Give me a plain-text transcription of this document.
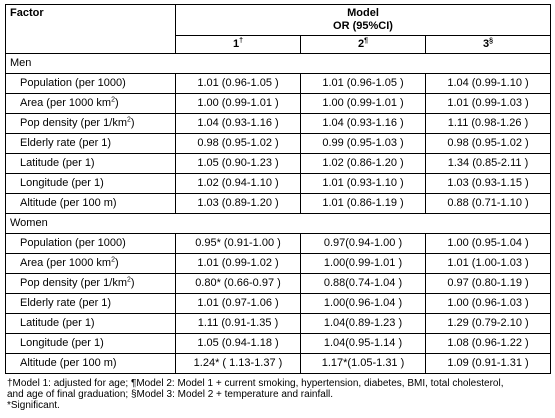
Factor	Model
OR (95%CI)		

	1†	2¶	3§
Men			
Population (per 1000)	1.01 (0.96-1.05 )	1.01 (0.96-1.05 )	1.04 (0.99-1.10 )
Area (per 1000 $km^2$)	1.00 (0.99-1.01 )	1.00 (0.99-1.01 )	1.01 (0.99-1.03 )
Pop density (per $1/km^2$)	1.04 (0.93-1.16 )	1.04 (0.93-1.16 )	1.11 (0.98-1.26 )
Elderly rate (per 1)	0.98 (0.95-1.02 )	0.99 (0.95-1.03 )	0.98 (0.95-1.02 )
Latitude (per 1)	1.05 (0.90-1.23 )	1.02 (0.86-1.20 )	1.34 (0.85-2.11 )
Longitude (per 1)	1.02 (0.94-1.10 )	1.01 (0.93-1.10 )	1.03 (0.93-1.15 )
Altitude (per 100 m)	1.03 (0.89-1.20 )	1.01 (0.86-1.19 )	0.88 (0.71-1.10 )
Women			
Population (per 1000)	0.95* (0.91-1.00 )	0.97(0.94-1.00 )	1.00 (0.95-1.04 )
Area (per 1000 $km^2$)	1.01 (0.99-1.02 )	1.00(0.99-1.01 )	1.01 (1.00-1.03 )
Pop density (per $1/km^2$)	0.80* (0.66-0.97 )	0.88(0.74-1.04 )	0.97 (0.80-1.19 )
Elderly rate (per 1)	1.01 (0.97-1.06 )	1.00(0.96-1.04 )	1.00 (0.96-1.03 )
Latitude (per 1)	1.11 (0.91-1.35 )	1.04(0.89-1.23 )	1.29 (0.79-2.10 )
Longitude (per 1)	1.05 (0.94-1.18 )	1.04(0.95-1.14 )	1.08 (0.96-1.22 )
Altitude (per 100 m)	1.24* ( 1.13-1.37 )	1.17*(1.05-1.31 )	1.09 (0.91-1.31 )
†Model 1: adjusted for age; ¶Model 2: Model 1 + current smoking, hypertension, diabetes, BMI, total cholesterol,
and age of final graduation; §Model 3: Model 2 + temperature and rainfall.
*Significant.
